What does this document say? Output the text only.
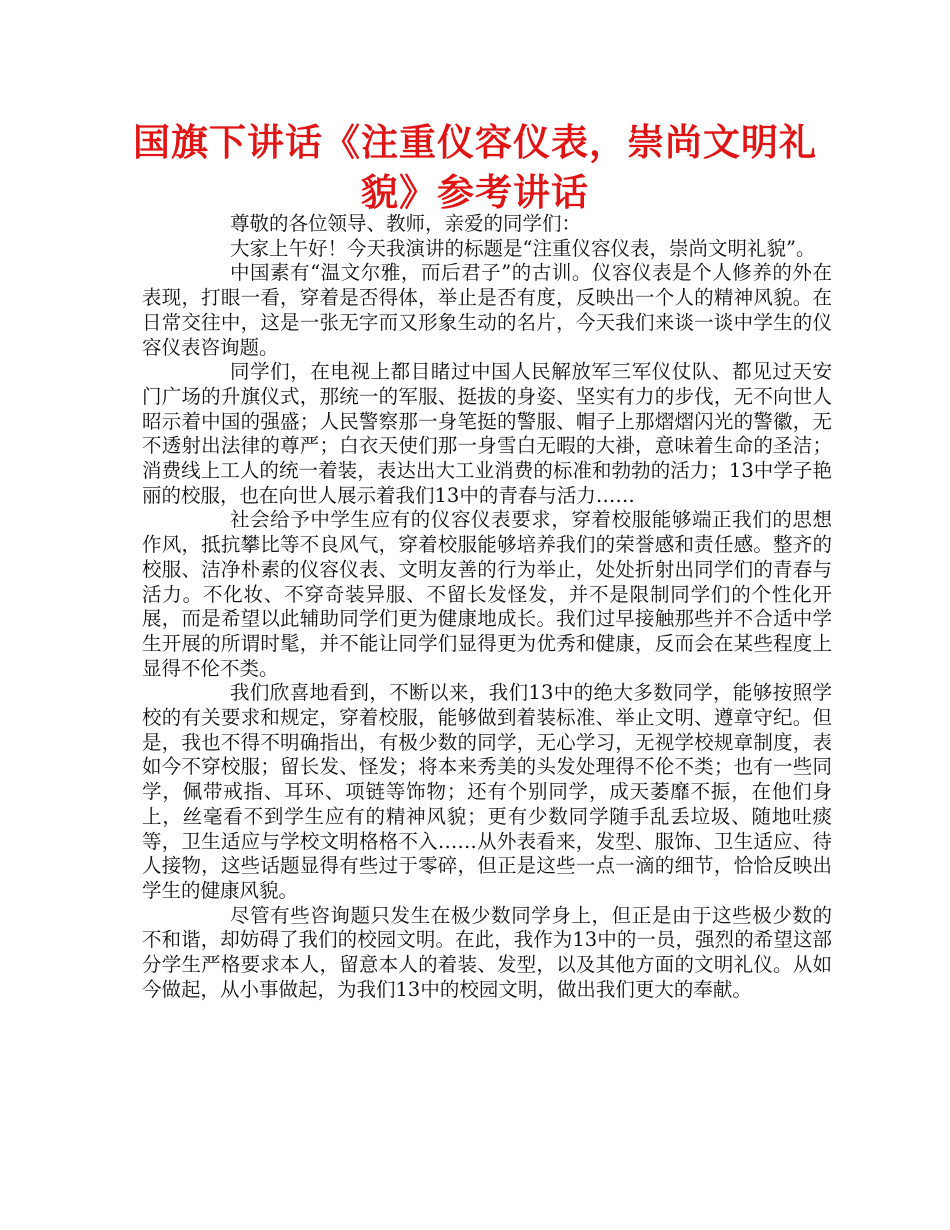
国旗下讲话《注重仪容仪表，崇尚文明礼貌》参考讲话

尊敬的各位领导、教师，亲爱的同学们：

大家上午好！今天我演讲的标题是“注重仪容仪表，崇尚文明礼貌”。

中国素有“温文尔雅，而后君子”的古训。仪容仪表是个人修养的外在表现，打眼一看，穿着是否得体，举止是否有度，反映出一个人的精神风貌。在日常交往中，这是一张无字而又形象生动的名片，今天我们来谈一谈中学生的仪容仪表咨询题。

同学们，在电视上都目睹过中国人民解放军三军仪仗队、都见过天安门广场的升旗仪式，那统一的军服、挺拔的身姿、坚实有力的步伐，无不向世人昭示着中国的强盛；人民警察那一身笔挺的警服、帽子上那熠熠闪光的警徽，无不透射出法律的尊严；白衣天使们那一身雪白无暇的大褂，意味着生命的圣洁；消费线上工人的统一着装，表达出大工业消费的标准和勃勃的活力；13中学子艳丽的校服，也在向世人展示着我们13中的青春与活力……

社会给予中学生应有的仪容仪表要求，穿着校服能够端正我们的思想作风，抵抗攀比等不良风气，穿着校服能够培养我们的荣誉感和责任感。整齐的校服、洁净朴素的仪容仪表、文明友善的行为举止，处处折射出同学们的青春与活力。不化妆、不穿奇装异服、不留长发怪发，并不是限制同学们的个性化开展，而是希望以此辅助同学们更为健康地成长。我们过早接触那些并不合适中学生开展的所谓时髦，并不能让同学们显得更为优秀和健康，反而会在某些程度上显得不伦不类。

我们欣喜地看到，不断以来，我们13中的绝大多数同学，能够按照学校的有关要求和规定，穿着校服，能够做到着装标准、举止文明、遵章守纪。但是，我也不得不明确指出，有极少数的同学，无心学习，无视学校规章制度，表如今不穿校服；留长发、怪发；将本来秀美的头发处理得不伦不类；也有一些同学，佩带戒指、耳环、项链等饰物；还有个别同学，成天萎靡不振，在他们身上，丝毫看不到学生应有的精神风貌；更有少数同学随手乱丢垃圾、随地吐痰等，卫生适应与学校文明格格不入……从外表看来，发型、服饰、卫生适应、待人接物，这些话题显得有些过于零碎，但正是这些一点一滴的细节，恰恰反映出学生的健康风貌。

尽管有些咨询题只发生在极少数同学身上，但正是由于这些极少数的不和谐，却妨碍了我们的校园文明。在此，我作为13中的一员，强烈的希望这部分学生严格要求本人，留意本人的着装、发型，以及其他方面的文明礼仪。从如今做起，从小事做起，为我们13中的校园文明，做出我们更大的奉献。
